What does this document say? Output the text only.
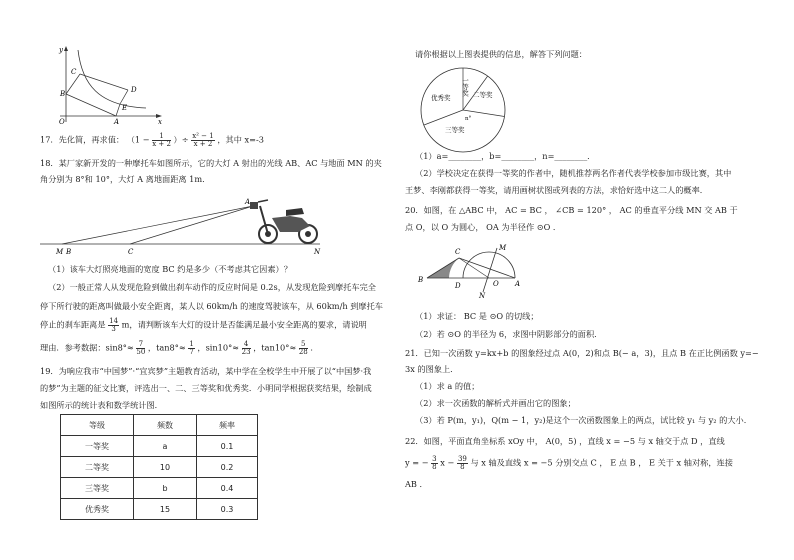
y
x
O
C
B	D
E
A
17．先化简，再求值： （$1 - \frac{1}{x + 2}$ ）÷ $\frac{\text{x² − 1}}{x + 2}$ ，其中 x=-3
18．某厂家新开发的一种摩托车如图所示，它的大灯 A 射出的光线 AB、AC 与地面 MN 的夹
角分别为 8°和 10°，大灯 A 离地面距离 1m．
M B	C
A
N
（1）该车大灯照亮地面的宽度 BC 约是多少（不考虑其它因素）？
（2）一般正常人从发现危险到做出刹车动作的反应时间是 0.2s，从发现危险到摩托车完全
停下所行驶的距离叫做最小安全距离，某人以 60km/h 的速度驾驶该车，从 60km/h 到摩托车
停止的刹车距离是 $\frac{14}{3}$ m，请判断该车大灯的设计是否能满足最小安全距离的要求，请说明
理由．参考数据：$\sin 8^\circ\approx \frac{7}{50}$ ，$\tan 8^\circ\approx \frac{1}{7}$ ，$\sin 10^\circ\approx \frac{4}{23}$ ，$\tan 10^\circ\approx \frac{5}{28}$ ．
19．为响应我市“中国梦”·“宜宾梦”主题教育活动，某中学在全校学生中开展了以“中国梦·我
的梦”为主题的征文比赛，评选出一、二、三等奖和优秀奖．小明同学根据获奖结果，绘制成
如图所示的统计表和数学统计图．
等级	频数	频率
一等奖	a	0.1
二等奖	10	0.2
三等奖	b	0.4
优秀奖	15	0.3
请你根据以上图表提供的信息，解答下列问题：
一等奖 二等奖
三等奖
优秀奖
n°
（1）a=________，b=________，n=________．
（2）学校决定在获得一等奖的作者中，随机推荐两名作者代表学校参加市级比赛，其中
王梦、李刚都获得一等奖，请用画树状图或列表的方法，求恰好选中这二人的概率．
20．如图，在 △ABC 中， AC = BC ， ∠CB = 120° ， AC 的垂直平分线 MN 交 AB 于
点 O，以 O 为圆心， OA 为半径作 ⊙O ．
C	M
B
D	O
N
A
（1）求证： BC 是 ⊙O 的切线；
（2）若 ⊙O 的半径为 6，求图中阴影部分的面积．
21．已知一次函数 y=kx+b 的图象经过点 A(0，2)和点 B(− a，3)，且点 B 在正比例函数 y=−
3x 的图象上．
（1）求 a 的值；
（2）求一次函数的解析式并画出它的图象；
（3）若 P(m，y₁)，Q(m − 1，y₂)是这个一次函数图象上的两点，试比较 y₁ 与 y₂ 的大小．
22．如图，平面直角坐标系 xOy 中， A(0，5) ，直线 x = −5 与 x 轴交于点 D ，直线
y = − $\frac{3}{8}$ $x - \frac{39}{8}$ 与 x 轴及直线 x = −5 分别交点 C ， E 点 B ， E 关于 x 轴对称，连接
AB ．
